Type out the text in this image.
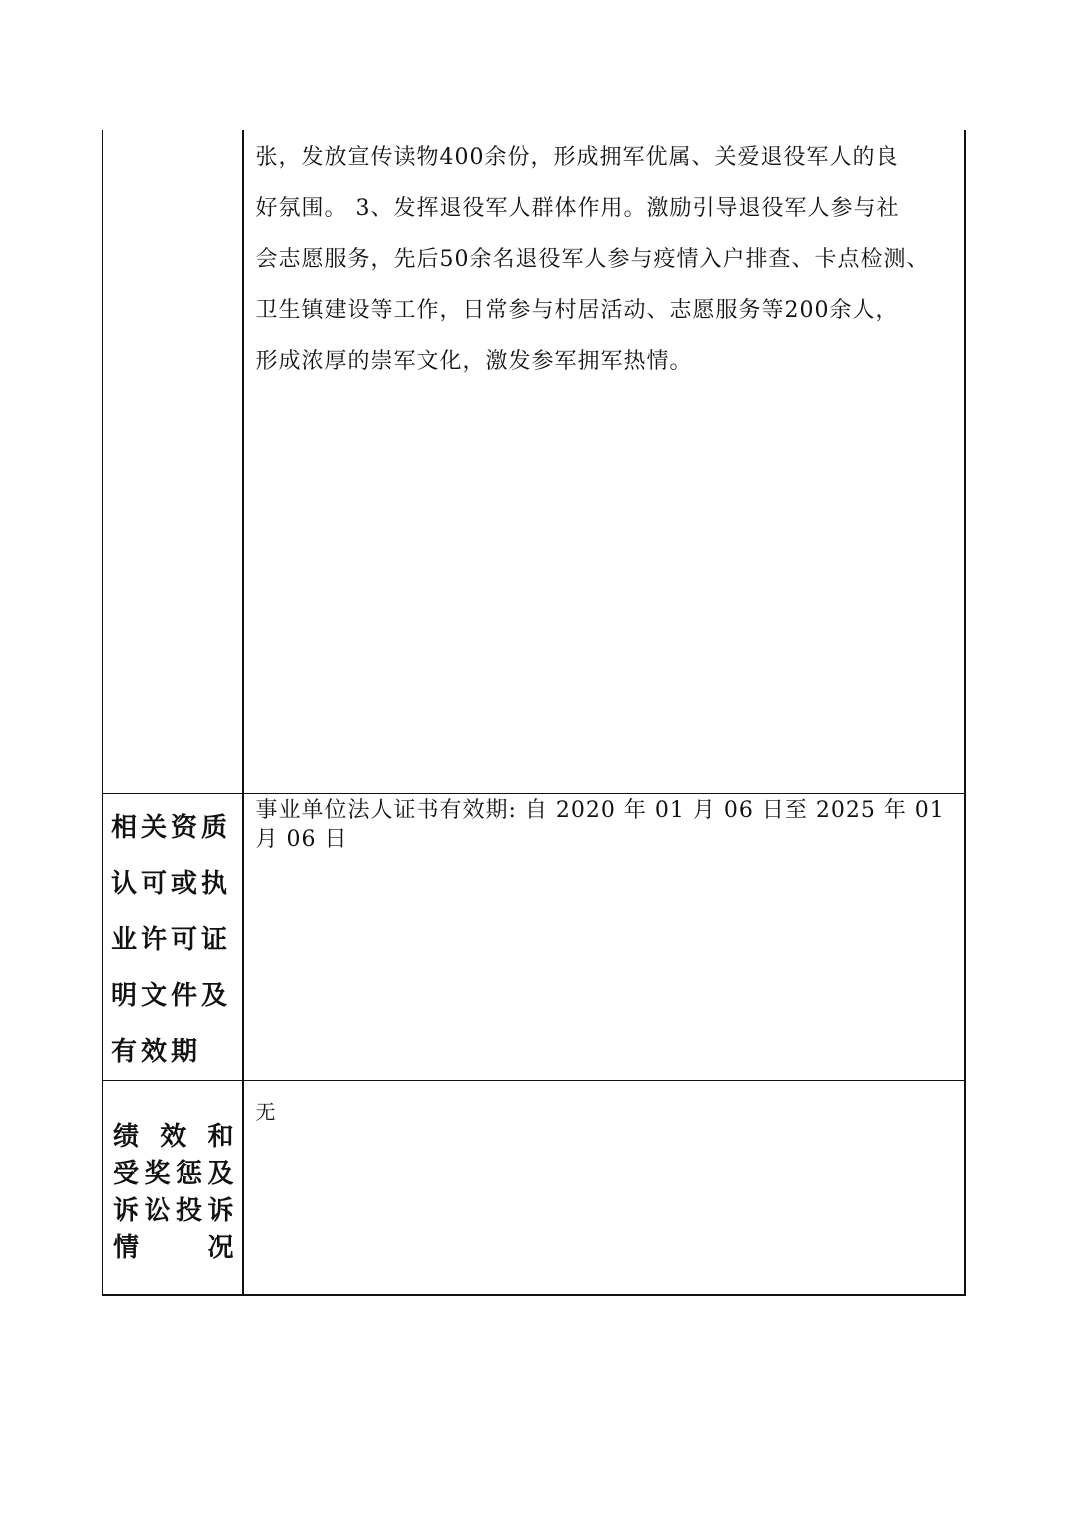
	张，发放宣传读物400余份，形成拥军优属、关爱退役军人的良

好氛围。 3、发挥退役军人群体作用。激励引导退役军人参与社

会志愿服务，先后50余名退役军人参与疫情入户排查、卡点检测、

卫生镇建设等工作，日常参与村居活动、志愿服务等200余人，

形成浓厚的崇军文化，激发参军拥军热情。

相关资质
认可或执
业许可证
明文件及
有效期	事业单位法人证书有效期: 自 2020 年 01 月 06 日至 2025 年 01 月 06 日

绩 效 和
受奖惩及
诉讼投诉
情 况	无
